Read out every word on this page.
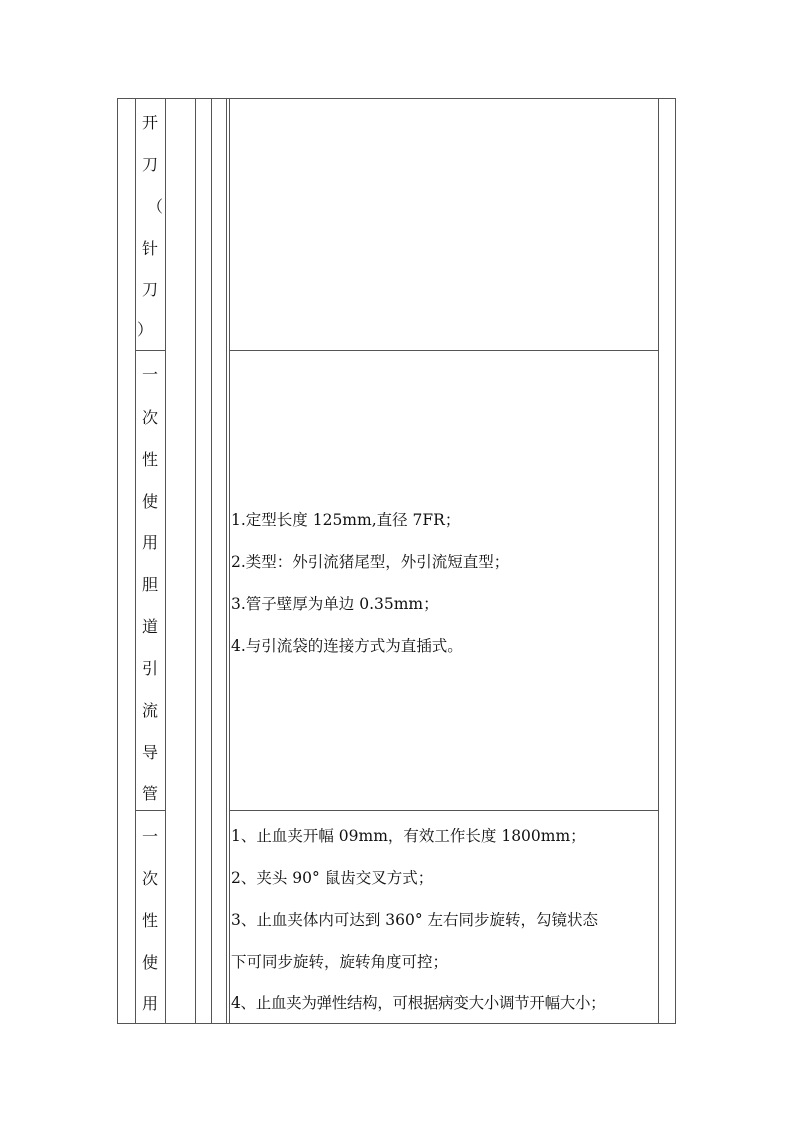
开
刀
（
针
刀
）
一
次
性
使
用
胆
道
引
流
导
管
一
次
性
使
用
1.定型长度 125mm,直径 7FR；
2.类型：外引流猪尾型，外引流短直型；
3.管子壁厚为单边 0.35mm；
4.与引流袋的连接方式为直插式。
1、止血夹开幅 09mm，有效工作长度 1800mm；
2、夹头 90° 鼠齿交叉方式；
3、止血夹体内可达到 360° 左右同步旋转，勾镜状态
下可同步旋转，旋转角度可控；
4、止血夹为弹性结构，可根据病变大小调节开幅大小；
